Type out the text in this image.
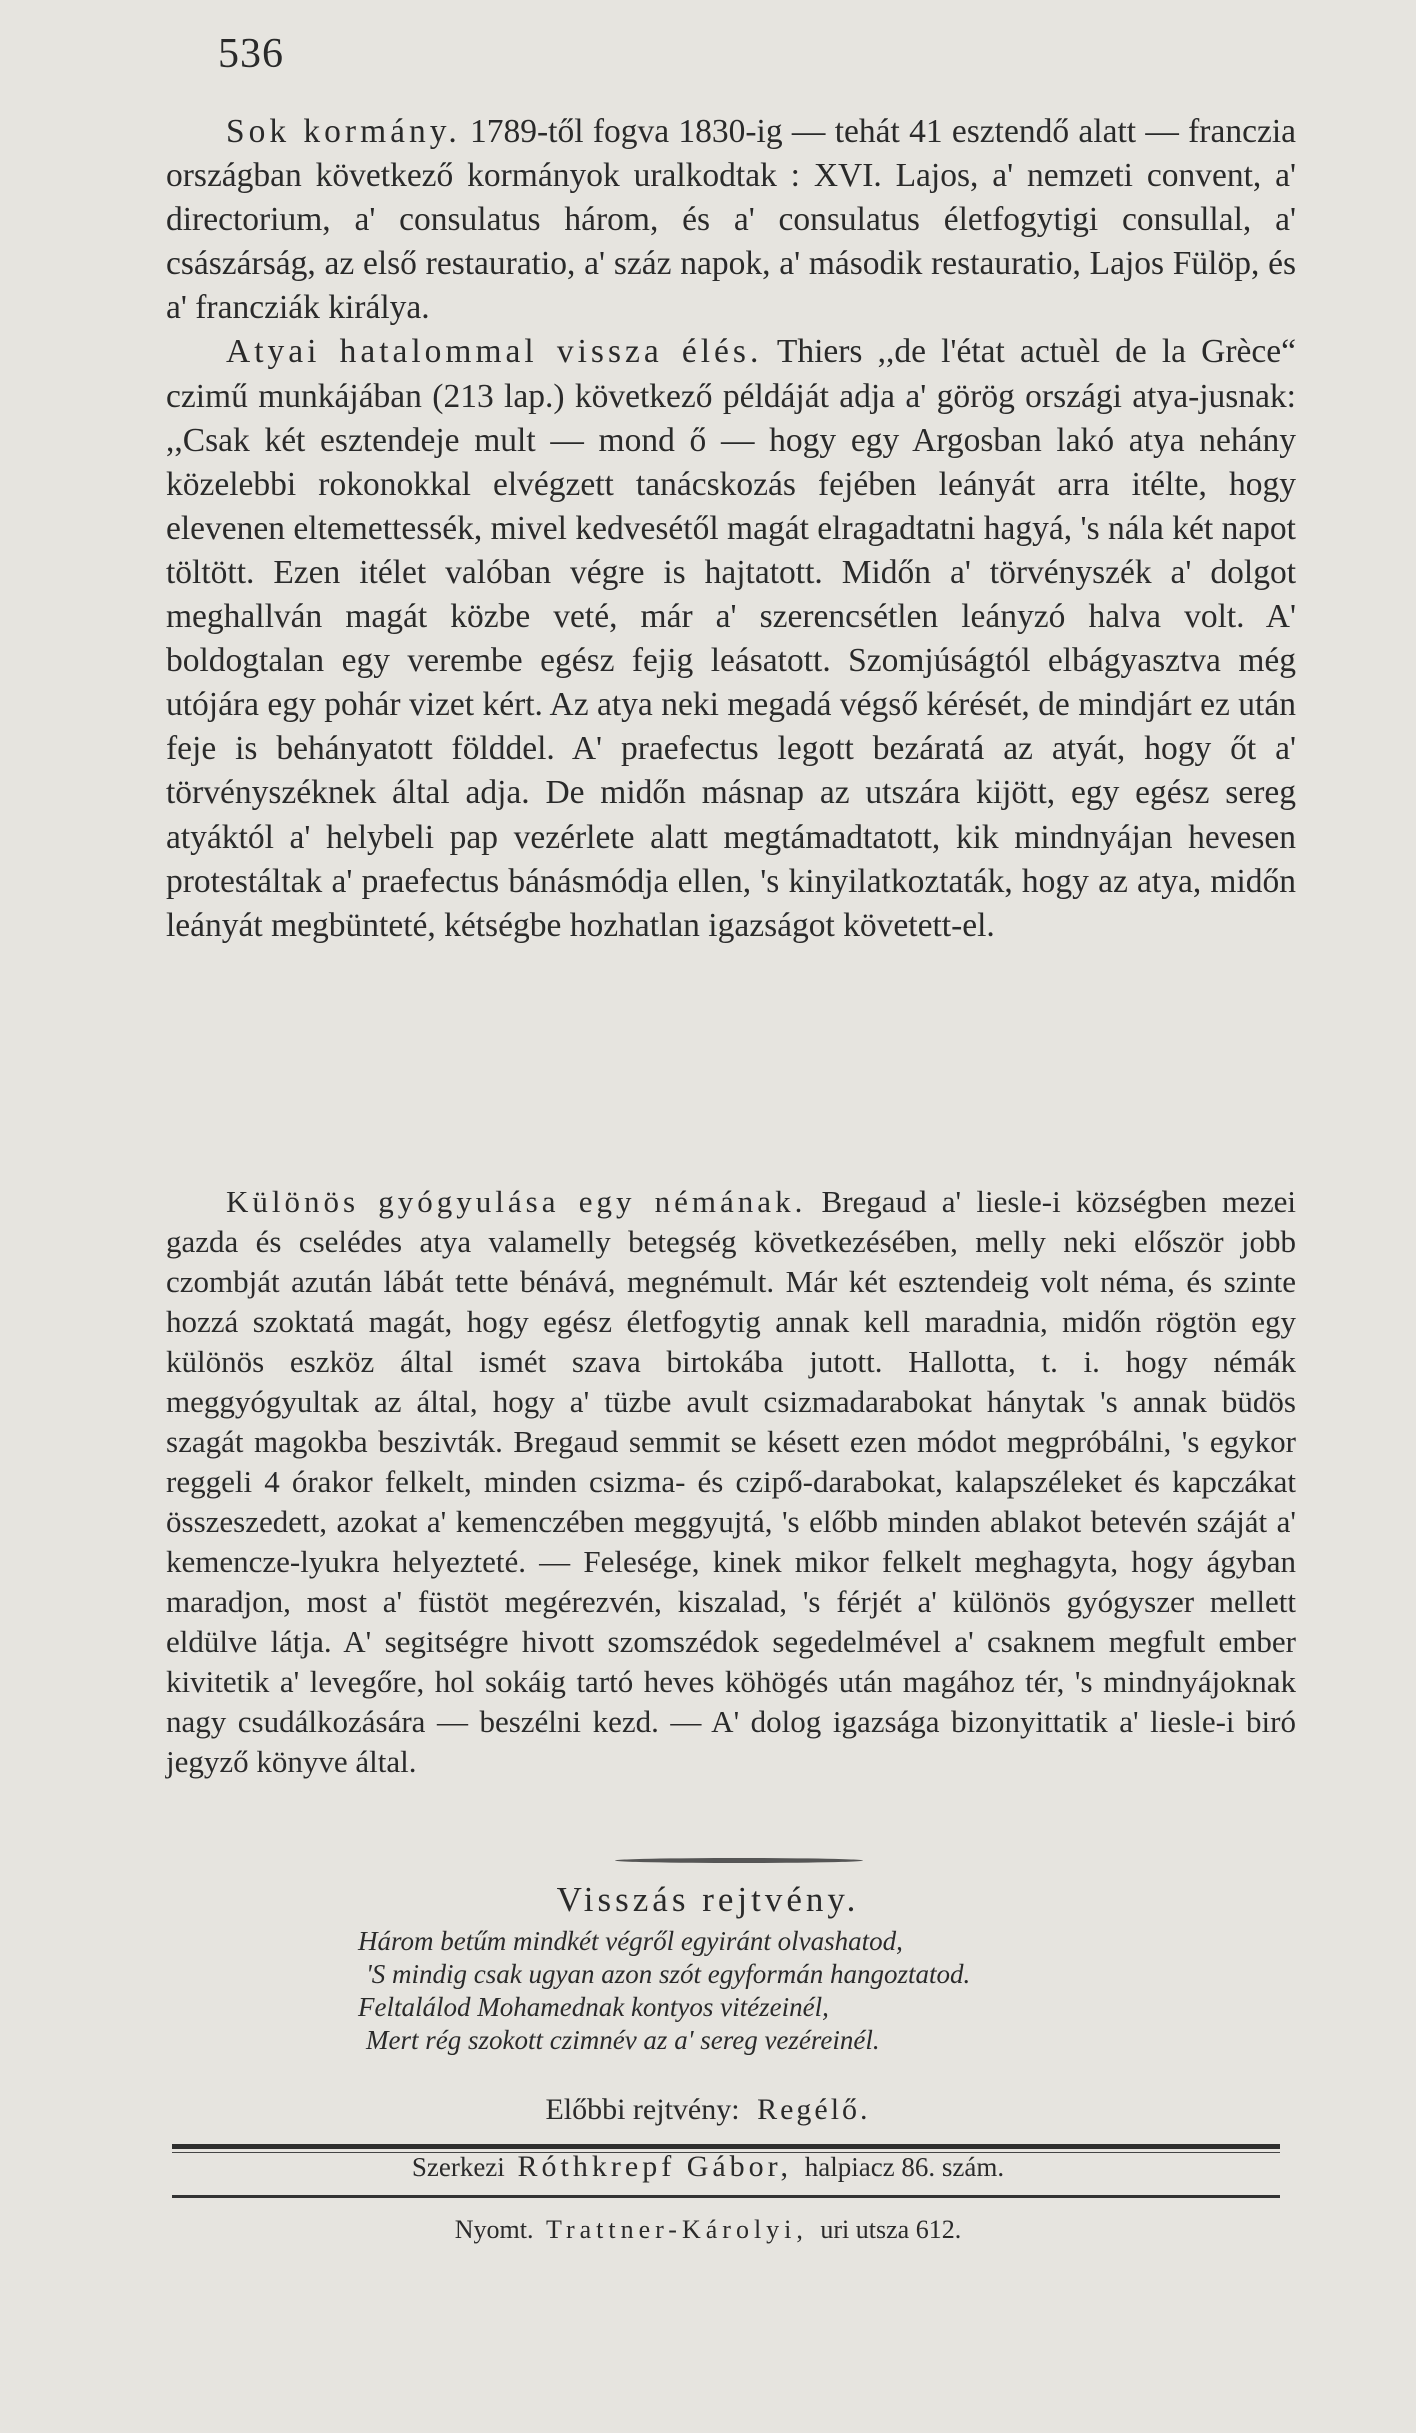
536

Sok kormány. 1789-től fogva 1830-ig — tehát 41 esztendő alatt — franczia országban következő kormányok uralkodtak : XVI. Lajos, a' nemzeti convent, a' directorium, a' consulatus három, és a' consulatus életfogytigi consullal, a' császárság, az első restauratio, a' száz napok, a' második restauratio, Lajos Fülöp, és a' francziák királya.

Atyai hatalommal vissza élés. Thiers ,,de l'état actuèl de la Grèce“ czimű munkájában (213 lap.) következő példáját adja a' görög országi atya-jusnak: ,,Csak két esztendeje mult — mond ő — hogy egy Argosban lakó atya nehány közelebbi rokonokkal elvégzett tanácskozás fejében leányát arra itélte, hogy elevenen eltemettessék, mivel kedvesétől magát elragadtatni hagyá, 's nála két napot töltött. Ezen itélet valóban végre is hajtatott. Midőn a' törvényszék a' dolgot meghallván magát közbe veté, már a' szerencsétlen leányzó halva volt. A' boldogtalan egy verembe egész fejig leásatott. Szomjúságtól elbágyasztva még utójára egy pohár vizet kért. Az atya neki megadá végső kérését, de mindjárt ez után feje is behányatott földdel. A' praefectus legott bezáratá az atyát, hogy őt a' törvényszéknek által adja. De midőn másnap az utszára kijött, egy egész sereg atyáktól a' helybeli pap vezérlete alatt megtámadtatott, kik mindnyájan hevesen protestáltak a' praefectus bánásmódja ellen, 's kinyilatkoztaták, hogy az atya, midőn leányát megbünteté, kétségbe hozhatlan igazságot követett-el.

Különös gyógyulása egy némának. Bregaud a' liesle-i községben mezei gazda és cselédes atya valamelly betegség következésében, melly neki először jobb czombját azután lábát tette bénává, megnémult. Már két esztendeig volt néma, és szinte hozzá szoktatá magát, hogy egész életfogytig annak kell maradnia, midőn rögtön egy különös eszköz által ismét szava birtokába jutott. Hallotta, t. i. hogy némák meggyógyultak az által, hogy a' tüzbe avult csizmadarabokat hánytak 's annak büdös szagát magokba beszivták. Bregaud semmit se késett ezen módot megpróbálni, 's egykor reggeli 4 órakor felkelt, minden csizma- és czipő-darabokat, kalapszéleket és kapczákat összeszedett, azokat a' kemenczében meggyujtá, 's előbb minden ablakot betevén száját a' kemencze-lyukra helyezteté. — Felesége, kinek mikor felkelt meghagyta, hogy ágyban maradjon, most a' füstöt megérezvén, kiszalad, 's férjét a' különös gyógyszer mellett eldülve látja. A' segitségre hivott szomszédok segedelmével a' csaknem megfult ember kivitetik a' levegőre, hol sokáig tartó heves köhögés után magához tér, 's mindnyájoknak nagy csudálkozására — beszélni kezd. — A' dolog igazsága bizonyittatik a' liesle-i biró jegyző könyve által.

Visszás rejtvény.
Három betűm mindkét végről egyiránt olvashatod,
'S mindig csak ugyan azon szót egyformán hangoztatod.
Feltalálod Mohamednak kontyos vitézeinél,
Mert rég szokott czimnév az a' sereg vezéreinél.
Előbbi rejtvény: Regélő.
Szerkezi Róthkrepf Gábor, halpiacz 86. szám.
Nyomt. Trattner-Károlyi, uri utsza 612.
